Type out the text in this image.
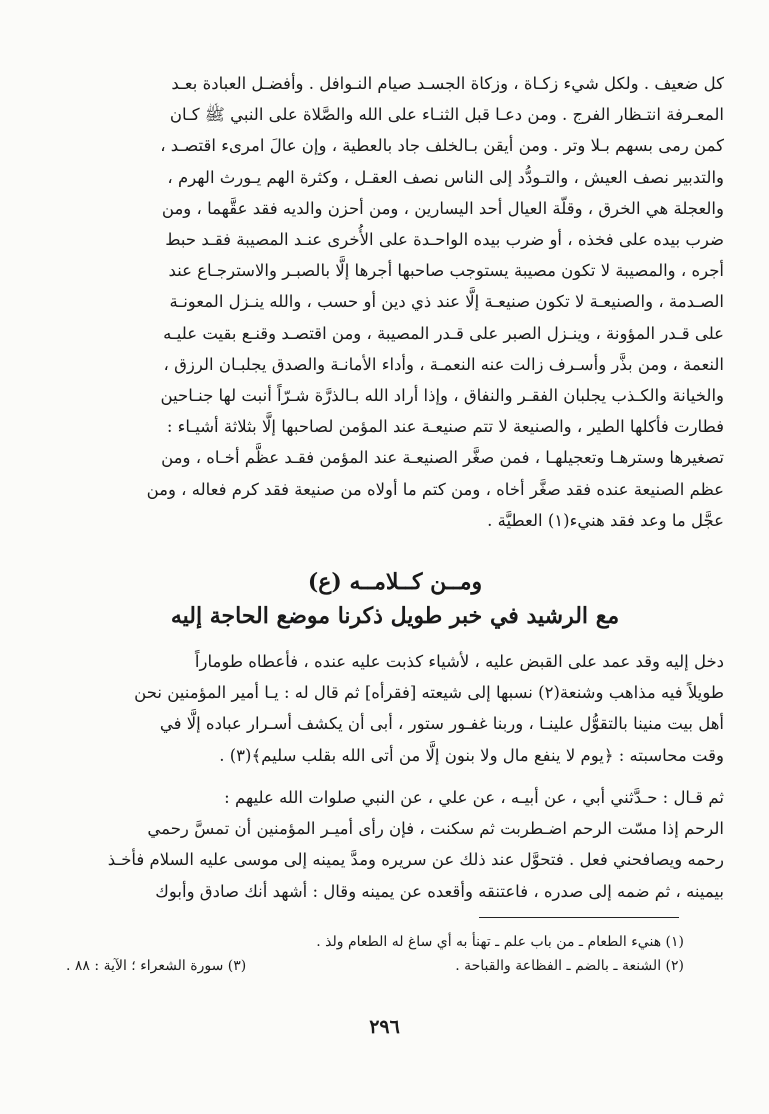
كل ضعيف . ولكل شيء زكـاة ، وزكاة الجسـد صيام النـوافل . وأفضـل العبادة بعـد
المعـرفة انتـظار الفرج . ومن دعـا قبل الثنـاء على الله والصَّلاة على النبي ﷺ كـان
كمن رمى بسهم بـلا وتر . ومن أيقن بـالخلف جاد بالعطية ، وإن عالَ امرىء اقتصـد ،
والتدبير نصف العيش ، والتـودُّد إلى الناس نصف العقـل ، وكثرة الهم يـورث الهرم ،
والعجلة هي الخرق ، وقلّة العيال أحد اليسارين ، ومن أحزن والديه فقد عقَّهما ، ومن
ضرب بيده على فخذه ، أو ضرب بيده الواحـدة على الأُخرى عنـد المصيبة فقـد حبط
أجره ، والمصيبة لا تكون مصيبة يستوجب صاحبها أجرها إلَّا بالصبـر والاسترجـاع عند
الصـدمة ، والصنيعـة لا تكون صنيعـة إلَّا عند ذي دين أو حسب ، والله ينـزل المعونـة
على قـدر المؤونة ، وينـزل الصبر على قـدر المصيبة ، ومن اقتصـد وقنـع بقيت عليـه
النعمة ، ومن بذَّر وأسـرف زالت عنه النعمـة ، وأداء الأمانـة والصدق يجلبـان الرزق ،
والخيانة والكـذب يجلبان الفقـر والنفاق ، وإذا أراد الله بـالذرَّة شـرّاً أنبت لها جنـاحين
فطارت فأكلها الطير ، والصنيعة لا تتم صنيعـة عند المؤمن لصاحبها إلَّا بثلاثة أشيـاء :
تصغيرها وسترهـا وتعجيلهـا ، فمن صغَّر الصنيعـة عند المؤمن فقـد عظَّم أخـاه ، ومن
عظم الصنيعة عنده فقد صغَّر أخاه ، ومن كتم ما أولاه من صنيعة فقد كرم فعاله ، ومن
عجَّل ما وعد فقد هنيء(١) العطيَّة .
ومــن كــلامــه (ع)
مع الرشيد في خبر طويل ذكرنا موضع الحاجة إليه
دخل إليه وقد عمد على القبض عليه ، لأشياء كذبت عليه عنده ، فأعطاه طوماراً
طويلاً فيه مذاهب وشنعة(٢) نسبها إلى شيعته [فقرأه] ثم قال له : يـا أمير المؤمنين نحن
أهل بيت منينا بالتقوُّل علينـا ، وربنا غفـور ستور ، أبى أن يكشف أسـرار عباده إلَّا في
وقت محاسبته : ﴿يوم لا ينفع مال ولا بنون إلَّا من أتى الله بقلب سليم﴾(٣) .
ثم قـال : حـدَّثني أبي ، عن أبيـه ، عن علي ، عن النبي صلوات الله عليهم :
الرحم إذا مسّت الرحم اضـطربت ثم سكنت ، فإن رأى أميـر المؤمنين أن تمسَّ رحمي
رحمه ويصافحني فعل . فتحوَّل عند ذلك عن سريره ومدَّ يمينه إلى موسى عليه السلام فأخـذ
بيمينه ، ثم ضمه إلى صدره ، فاعتنقه وأقعده عن يمينه وقال : أشهد أنك صادق وأبوك
(١) هنيء الطعام ـ من باب علم ـ تهنأ به أي ساغ له الطعام ولذ .
(٢) الشنعة ـ بالضم ـ الفظاعة والقباحة .
(٣) سورة الشعراء ؛ الآية : ٨٨ .
٢٩٦
